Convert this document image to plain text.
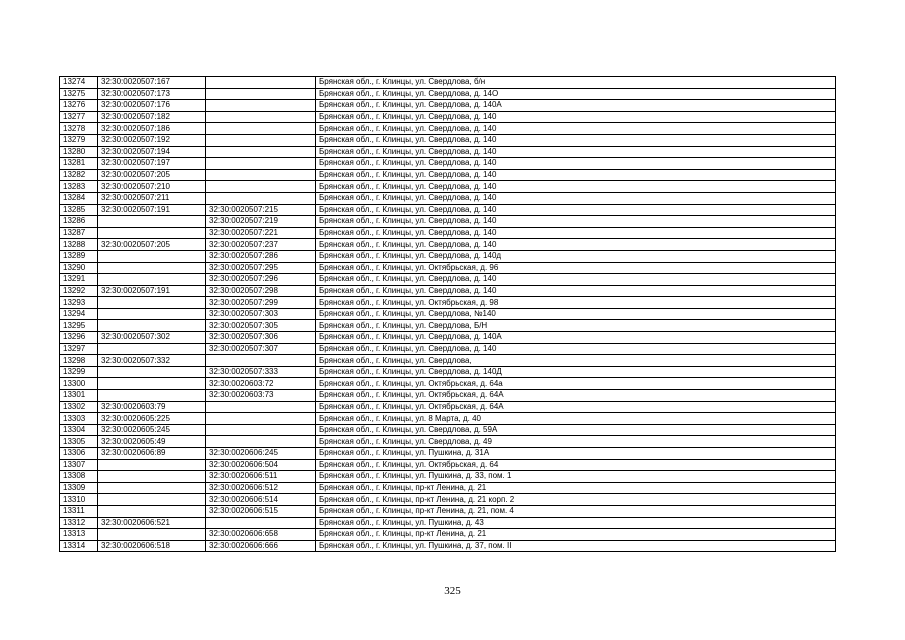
13274	32:30:0020507:167		Брянская обл., г. Клинцы, ул. Свердлова, б/н
13275	32:30:0020507:173		Брянская обл., г. Клинцы, ул. Свердлова, д. 14О
13276	32:30:0020507:176		Брянская обл., г. Клинцы, ул. Свердлова, д. 140А
13277	32:30:0020507:182		Брянская обл., г. Клинцы, ул. Свердлова, д. 140
13278	32:30:0020507:186		Брянская обл., г. Клинцы, ул. Свердлова, д. 140
13279	32:30:0020507:192		Брянская обл., г. Клинцы, ул. Свердлова, д. 140
13280	32:30:0020507:194		Брянская обл., г. Клинцы, ул. Свердлова, д. 140
13281	32:30:0020507:197		Брянская обл., г. Клинцы, ул. Свердлова, д. 140
13282	32:30:0020507:205		Брянская обл., г. Клинцы, ул. Свердлова, д. 140
13283	32:30:0020507:210		Брянская обл., г. Клинцы, ул. Свердлова, д. 140
13284	32:30:0020507:211		Брянская обл., г. Клинцы, ул. Свердлова, д. 140
13285	32:30:0020507:191	32:30:0020507:215	Брянская обл., г. Клинцы, ул. Свердлова, д. 140
13286		32:30:0020507:219	Брянская обл., г. Клинцы, ул. Свердлова, д. 140
13287		32:30:0020507:221	Брянская обл., г. Клинцы, ул. Свердлова, д. 140
13288	32:30:0020507:205	32:30:0020507:237	Брянская обл., г. Клинцы, ул. Свердлова, д. 140
13289		32:30:0020507:286	Брянская обл., г. Клинцы, ул. Свердлова, д. 140д
13290		32:30:0020507:295	Брянская обл., г. Клинцы, ул. Октябрьская, д. 96
13291		32:30:0020507:296	Брянская обл., г. Клинцы, ул. Свердлова, д. 140
13292	32:30:0020507:191	32:30:0020507:298	Брянская обл., г. Клинцы, ул. Свердлова, д. 140
13293		32:30:0020507:299	Брянская обл., г. Клинцы, ул. Октябрьская, д. 98
13294		32:30:0020507:303	Брянская обл., г. Клинцы, ул. Свердлова, №140
13295		32:30:0020507:305	Брянская обл., г. Клинцы, ул. Свердлова, Б/Н
13296	32:30:0020507:302	32:30:0020507:306	Брянская обл., г. Клинцы, ул. Свердлова, д. 140А
13297		32:30:0020507:307	Брянская обл., г. Клинцы, ул. Свердлова, д. 140
13298	32:30:0020507:332		Брянская обл., г. Клинцы, ул. Свердлова,
13299		32:30:0020507:333	Брянская обл., г. Клинцы, ул. Свердлова, д. 140Д
13300		32:30:0020603:72	Брянская обл., г. Клинцы, ул. Октябрьская, д. 64а
13301		32:30:0020603:73	Брянская обл., г. Клинцы, ул. Октябрьская, д. 64А
13302	32:30:0020603:79		Брянская обл., г. Клинцы, ул. Октябрьская, д. 64А
13303	32:30:0020605:225		Брянская обл., г. Клинцы, ул. 8 Марта, д. 40
13304	32:30:0020605:245		Брянская обл., г. Клинцы, ул. Свердлова, д. 59А
13305	32:30:0020605:49		Брянская обл., г. Клинцы, ул. Свердлова, д. 49
13306	32:30:0020606:89	32:30:0020606:245	Брянская обл., г. Клинцы, ул. Пушкина, д. 31А
13307		32:30:0020606:504	Брянская обл., г. Клинцы, ул. Октябрьская, д. 64
13308		32:30:0020606:511	Брянская обл., г. Клинцы, ул. Пушкина, д. 33, пом. 1
13309		32:30:0020606:512	Брянская обл., г. Клинцы, пр-кт Ленина, д. 21
13310		32:30:0020606:514	Брянская обл., г. Клинцы, пр-кт Ленина, д. 21 корп. 2
13311		32:30:0020606:515	Брянская обл., г. Клинцы, пр-кт Ленина, д. 21, пом. 4
13312	32:30:0020606:521		Брянская обл., г. Клинцы, ул. Пушкина, д. 43
13313		32:30:0020606:658	Брянская обл., г. Клинцы, пр-кт Ленина, д. 21
13314	32:30:0020606:518	32:30:0020606:666	Брянская обл., г. Клинцы, ул. Пушкина, д. 37, пом. II
325
